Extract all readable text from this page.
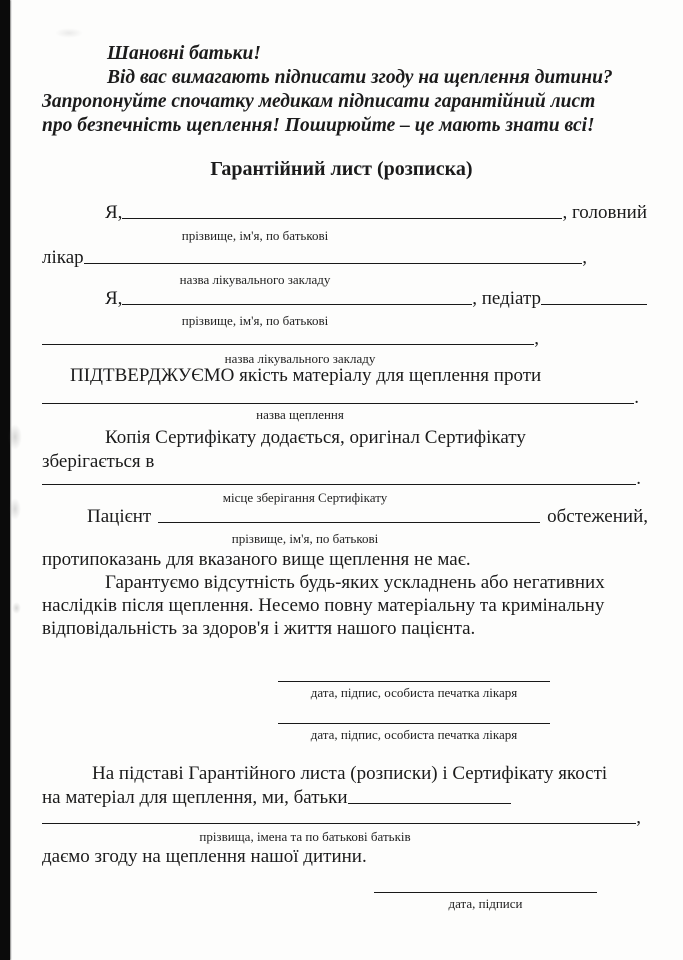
Шановні батьки!
Від вас вимагають підписати згоду на щеплення дитини?
Запропонуйте спочатку медикам підписати гарантійний лист
про безпечність щеплення! Поширюйте – це мають знати всі!
Гарантійний лист (розписка)
Я,	, головний
прізвище, ім'я, по батькові
лікар	,
назва лікувального закладу
Я,	, педіатр
прізвище, ім'я, по батькові
,
назва лікувального закладу
ПІДТВЕРДЖУЄМО якість матеріалу для щеплення проти
.
назва щеплення
Копія Сертифікату додається, оригінал Сертифікату
зберігається в
.
місце зберігання Сертифікату
Пацієнт	обстежений,
прізвище, ім'я, по батькові
протипоказань для вказаного вище щеплення не має.
Гарантуємо відсутність будь-яких ускладнень або негативних
наслідків після щеплення. Несемо повну матеріальну та кримінальну
відповідальність за здоров'я і життя нашого пацієнта.
дата, підпис, особиста печатка лікаря
дата, підпис, особиста печатка лікаря
На підставі Гарантійного листа (розписки) і Сертифікату якості
на матеріал для щеплення, ми, батьки
,
прізвища, імена та по батькові батьків
даємо згоду на щеплення нашої дитини.
дата, підписи
